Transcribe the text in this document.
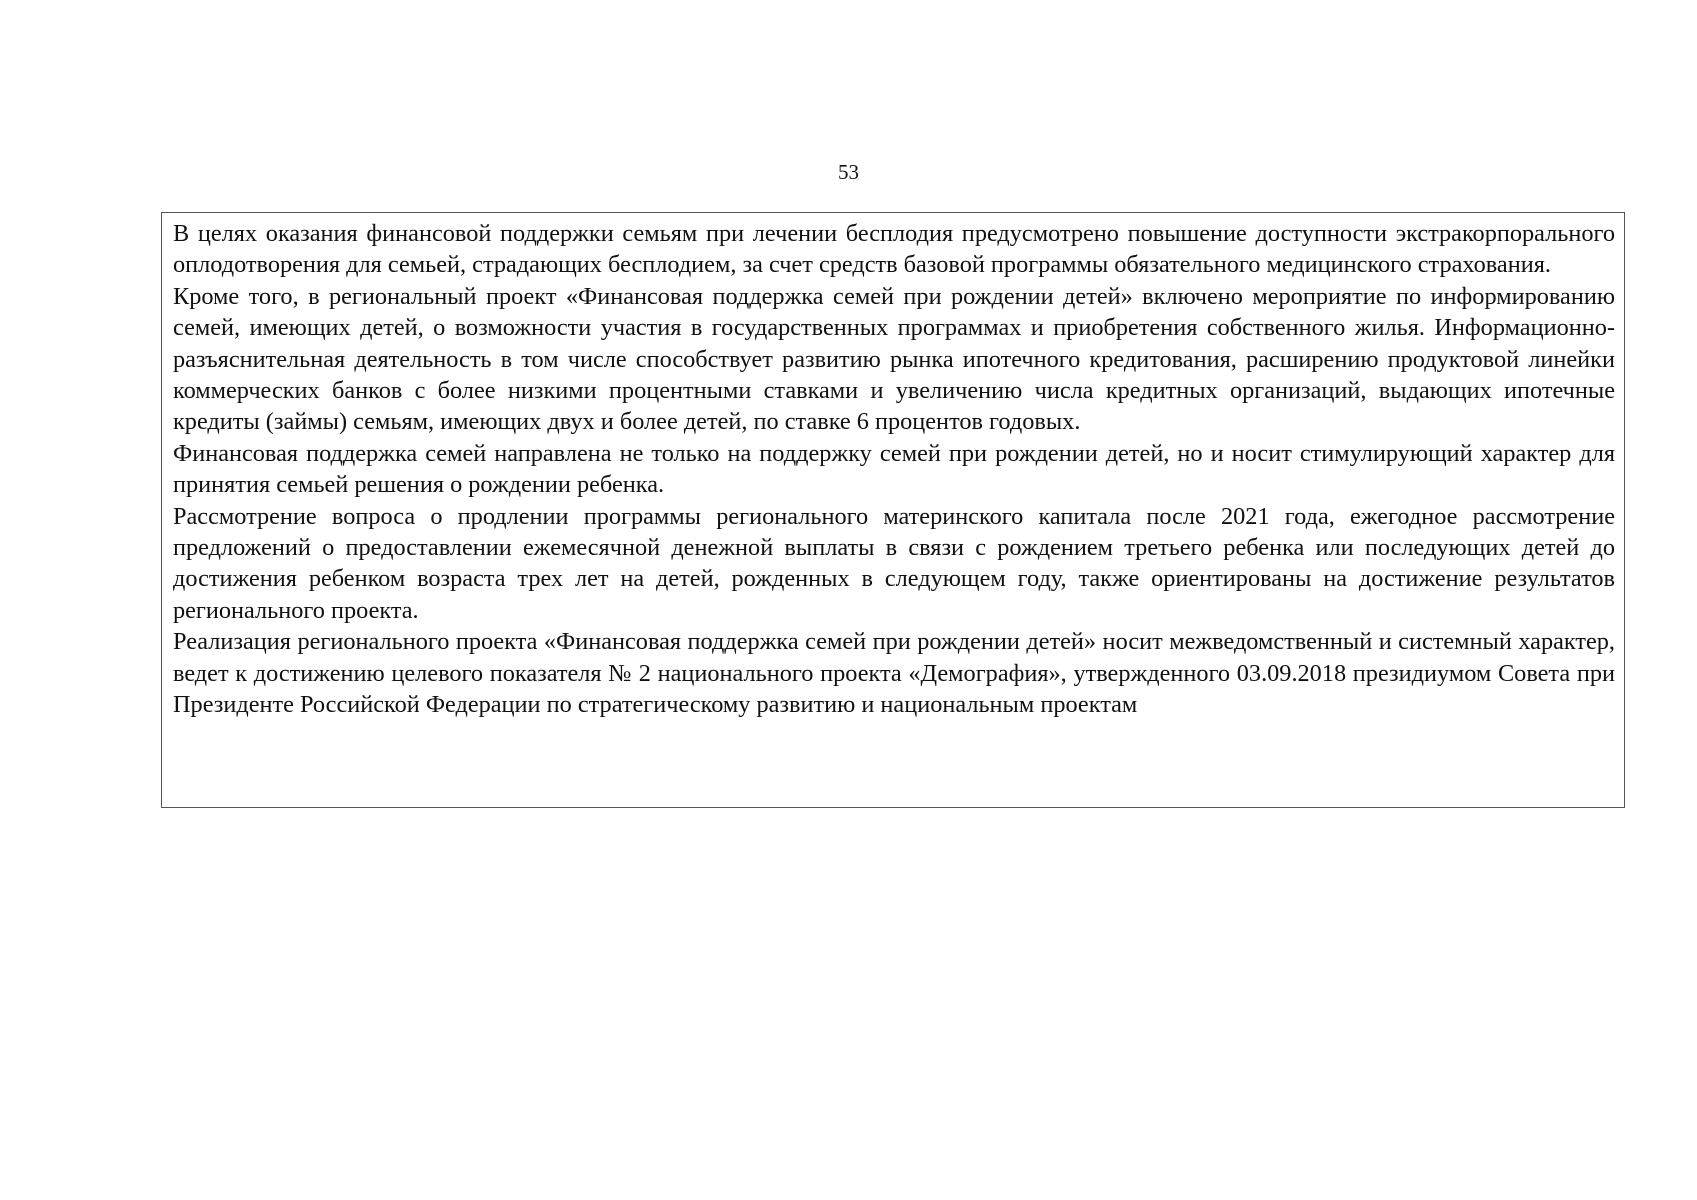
53

В целях оказания финансовой поддержки семьям при лечении бесплодия предусмотрено повышение доступности экстракорпорального оплодотворения для семьей, страдающих бесплодием, за счет средств базовой программы обязательного медицинского страхования.

Кроме того, в региональный проект «Финансовая поддержка семей при рождении детей» включено мероприятие по информированию семей, имеющих детей, о возможности участия в государственных программах и приобретения собственного жилья. Информационно-разъяснительная деятельность в том числе способствует развитию рынка ипотечного кредитования, расширению продуктовой линейки коммерческих банков с более низкими процентными ставками и увеличению числа кредитных организаций, выдающих ипотечные кредиты (займы) семьям, имеющих двух и более детей, по ставке 6 процентов годовых.

Финансовая поддержка семей направлена не только на поддержку семей при рождении детей, но и носит стимулирующий характер для принятия семьей решения о рождении ребенка.

Рассмотрение вопроса о продлении программы регионального материнского капитала после 2021 года, ежегодное рассмотрение предложений о предоставлении ежемесячной денежной выплаты в связи с рождением третьего ребенка или последующих детей до достижения ребенком возраста трех лет на детей, рожденных в следующем году, также ориентированы на достижение результатов регионального проекта.

Реализация регионального проекта «Финансовая поддержка семей при рождении детей» носит межведомственный и системный характер, ведет к достижению целевого показателя № 2 национального проекта «Демография», утвержденного 03.09.2018 президиумом Совета при Президенте Российской Федерации по стратегическому развитию и национальным проектам
